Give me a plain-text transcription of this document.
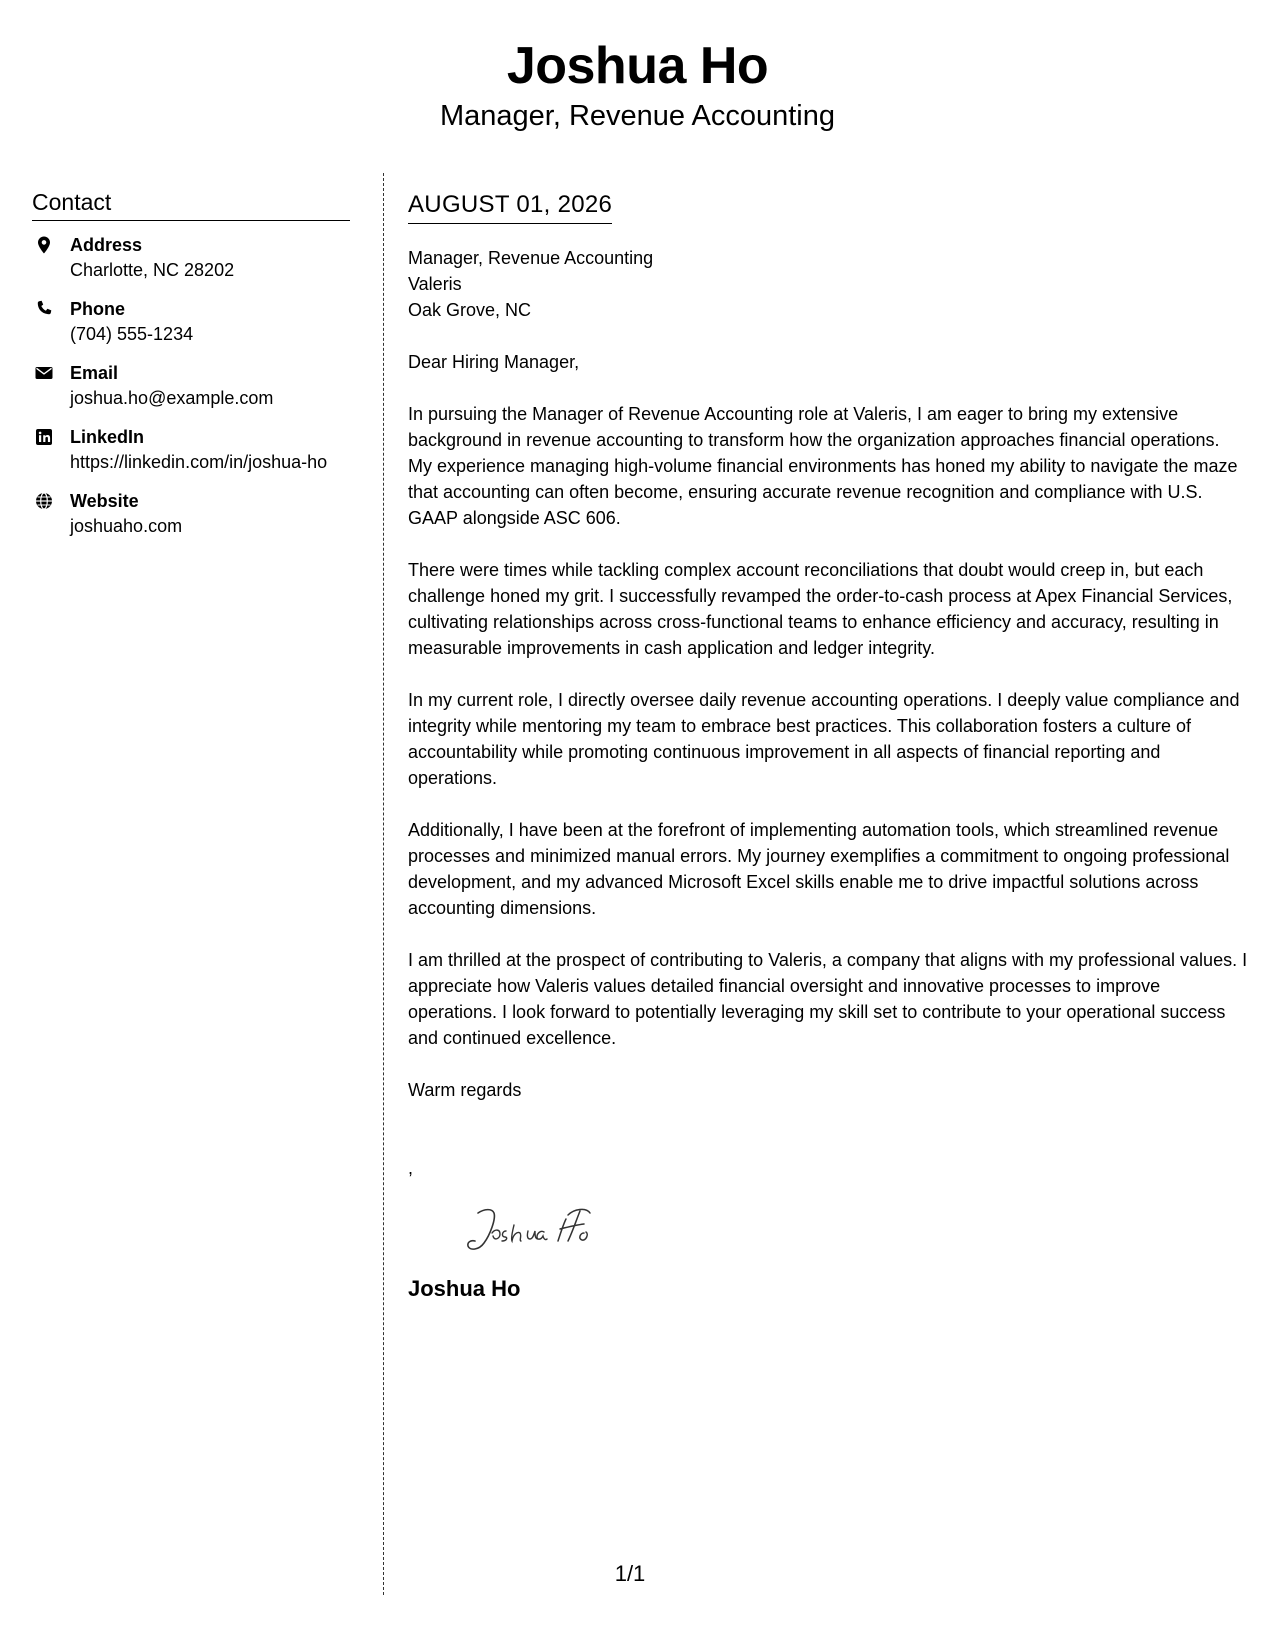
Joshua Ho
Manager, Revenue Accounting
Contact
Address
Charlotte, NC 28202
Phone
(704) 555-1234
Email
joshua.ho@example.com
LinkedIn
https://linkedin.com/in/joshua-ho
Website
joshuaho.com
AUGUST 01, 2026
Manager, Revenue Accounting
Valeris
Oak Grove, NC
Dear Hiring Manager,
In pursuing the Manager of Revenue Accounting role at Valeris, I am eager to bring my extensive background in revenue accounting to transform how the organization approaches financial operations. My experience managing high-volume financial environments has honed my ability to navigate the maze that accounting can often become, ensuring accurate revenue recognition and compliance with U.S. GAAP alongside ASC 606.
There were times while tackling complex account reconciliations that doubt would creep in, but each challenge honed my grit. I successfully revamped the order-to-cash process at Apex Financial Services, cultivating relationships across cross-functional teams to enhance efficiency and accuracy, resulting in measurable improvements in cash application and ledger integrity.
In my current role, I directly oversee daily revenue accounting operations. I deeply value compliance and integrity while mentoring my team to embrace best practices. This collaboration fosters a culture of accountability while promoting continuous improvement in all aspects of financial reporting and operations.
Additionally, I have been at the forefront of implementing automation tools, which streamlined revenue processes and minimized manual errors. My journey exemplifies a commitment to ongoing professional development, and my advanced Microsoft Excel skills enable me to drive impactful solutions across accounting dimensions.
I am thrilled at the prospect of contributing to Valeris, a company that aligns with my professional values. I appreciate how Valeris values detailed financial oversight and innovative processes to improve operations. I look forward to potentially leveraging my skill set to contribute to your operational success and continued excellence.
Warm regards
,
Joshua Ho
1/1
